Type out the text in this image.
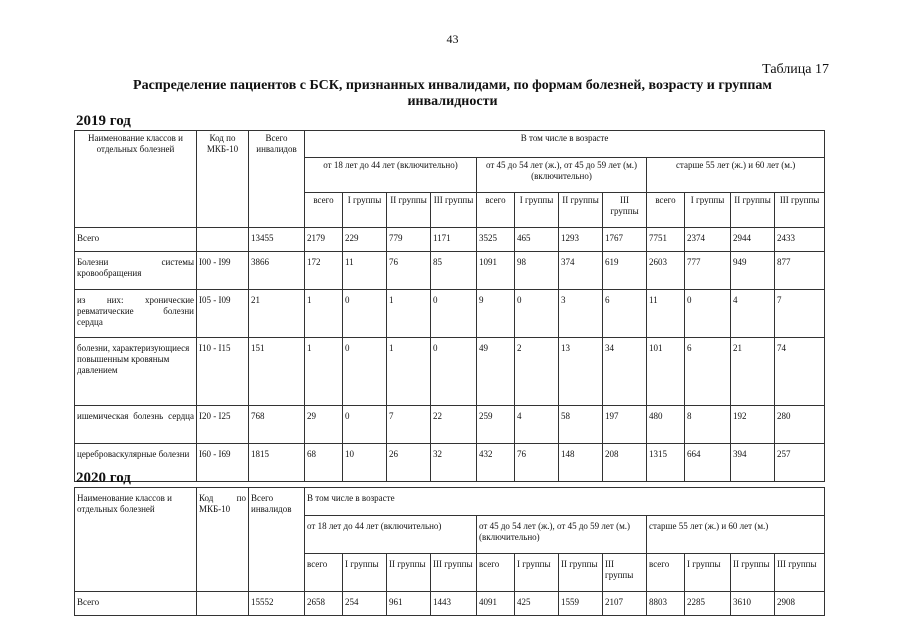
43
Таблица 17
Распределение пациентов с БСК, признанных инвалидами, по формам болезней, возрасту и группам инвалидности
2019 год
Наименование классов и отдельных болезней	Код по МКБ-10	Всего инвалидов	В том числе в возрасте											
			от 18 лет до 44 лет (включительно)				от 45 до 54 лет (ж.), от 45 до 59 лет (м.) (включительно)				старше 55 лет (ж.) и 60 лет (м.)			
			всего	I группы	II группы	III группы	всего	I группы	II группы	III группы	всего	I группы	II группы	III группы
Всего		13455	2179	229	779	1171	3525	465	1293	1767	7751	2374	2944	2433
Болезни системы кровообращения	I00 - I99	3866	172	11	76	85	1091	98	374	619	2603	777	949	877
из них: хронические ревматические болезни сердца	I05 - I09	21	1	0	1	0	9	0	3	6	11	0	4	7
болезни, характеризующиеся повышенным кровяным давлением	I10 - I15	151	1	0	1	0	49	2	13	34	101	6	21	74
ишемическая болезнь сердца	I20 - I25	768	29	0	7	22	259	4	58	197	480	8	192	280
цереброваскулярные болезни	I60 - I69	1815	68	10	26	32	432	76	148	208	1315	664	394	257
2020 год
Наименование классов и отдельных болезней	Код по МКБ-10	Всего инвалидов	В том числе в возрасте											
			от 18 лет до 44 лет (включительно)				от 45 до 54 лет (ж.), от 45 до 59 лет (м.) (включительно)				старше 55 лет (ж.) и 60 лет (м.)			
			всего	I группы	II группы	III группы	всего	I группы	II группы	III группы	всего	I группы	II группы	III группы
Всего		15552	2658	254	961	1443	4091	425	1559	2107	8803	2285	3610	2908
